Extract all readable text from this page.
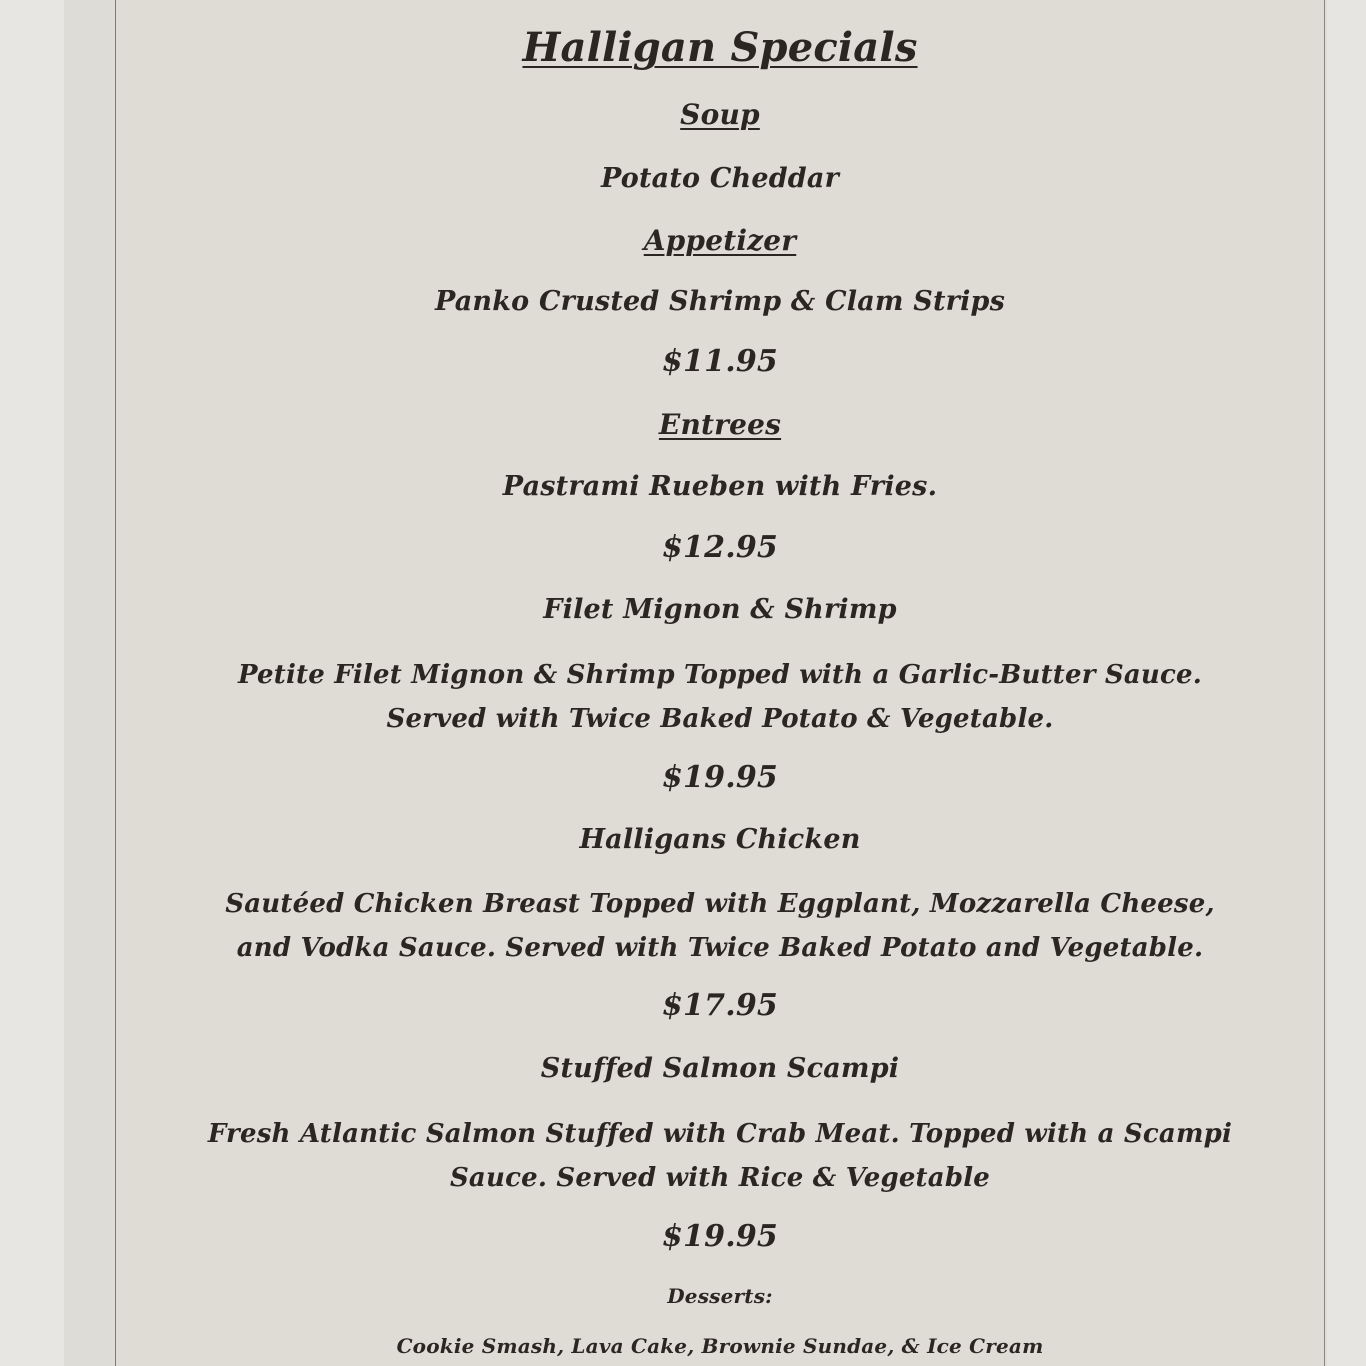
Halligan Specials
Soup
Potato Cheddar
Appetizer
Panko Crusted Shrimp & Clam Strips
$11.95
Entrees
Pastrami Rueben with Fries.
$12.95
Filet Mignon & Shrimp
Petite Filet Mignon & Shrimp Topped with a Garlic-Butter Sauce. Served with Twice Baked Potato & Vegetable.
$19.95
Halligans Chicken
Sautéed Chicken Breast Topped with Eggplant, Mozzarella Cheese, and Vodka Sauce. Served with Twice Baked Potato and Vegetable.
$17.95
Stuffed Salmon Scampi
Fresh Atlantic Salmon Stuffed with Crab Meat. Topped with a Scampi Sauce. Served with Rice & Vegetable
$19.95
Desserts:
Cookie Smash, Lava Cake, Brownie Sundae, & Ice Cream
